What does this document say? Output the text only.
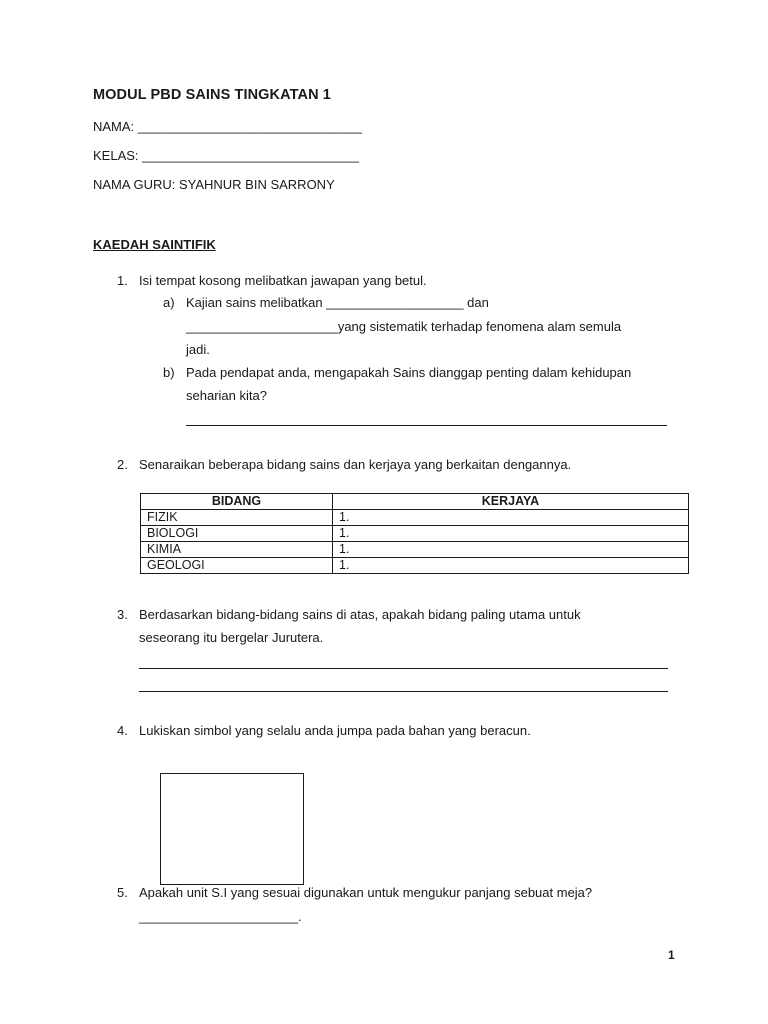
MODUL PBD SAINS TINGKATAN 1
NAMA: _______________________________
KELAS: ______________________________
NAMA GURU: SYAHNUR BIN SARRONY
KAEDAH SAINTIFIK
1. Isi tempat kosong melibatkan jawapan yang betul.
a) Kajian sains melibatkan ___________________ dan
_____________________yang sistematik terhadap fenomena alam semula
jadi.
b) Pada pendapat anda, mengapakah Sains dianggap penting dalam kehidupan
seharian kita?
2. Senaraikan beberapa bidang sains dan kerjaya yang berkaitan dengannya.
BIDANG	KERJAYA
FIZIK	1.
BIOLOGI	1.
KIMIA	1.
GEOLOGI	1.
3. Berdasarkan bidang-bidang sains di atas, apakah bidang paling utama untuk
seseorang itu bergelar Jurutera.
4. Lukiskan simbol yang selalu anda jumpa pada bahan yang beracun.
5. Apakah unit S.I yang sesuai digunakan untuk mengukur panjang sebuat meja?
______________________.
1
